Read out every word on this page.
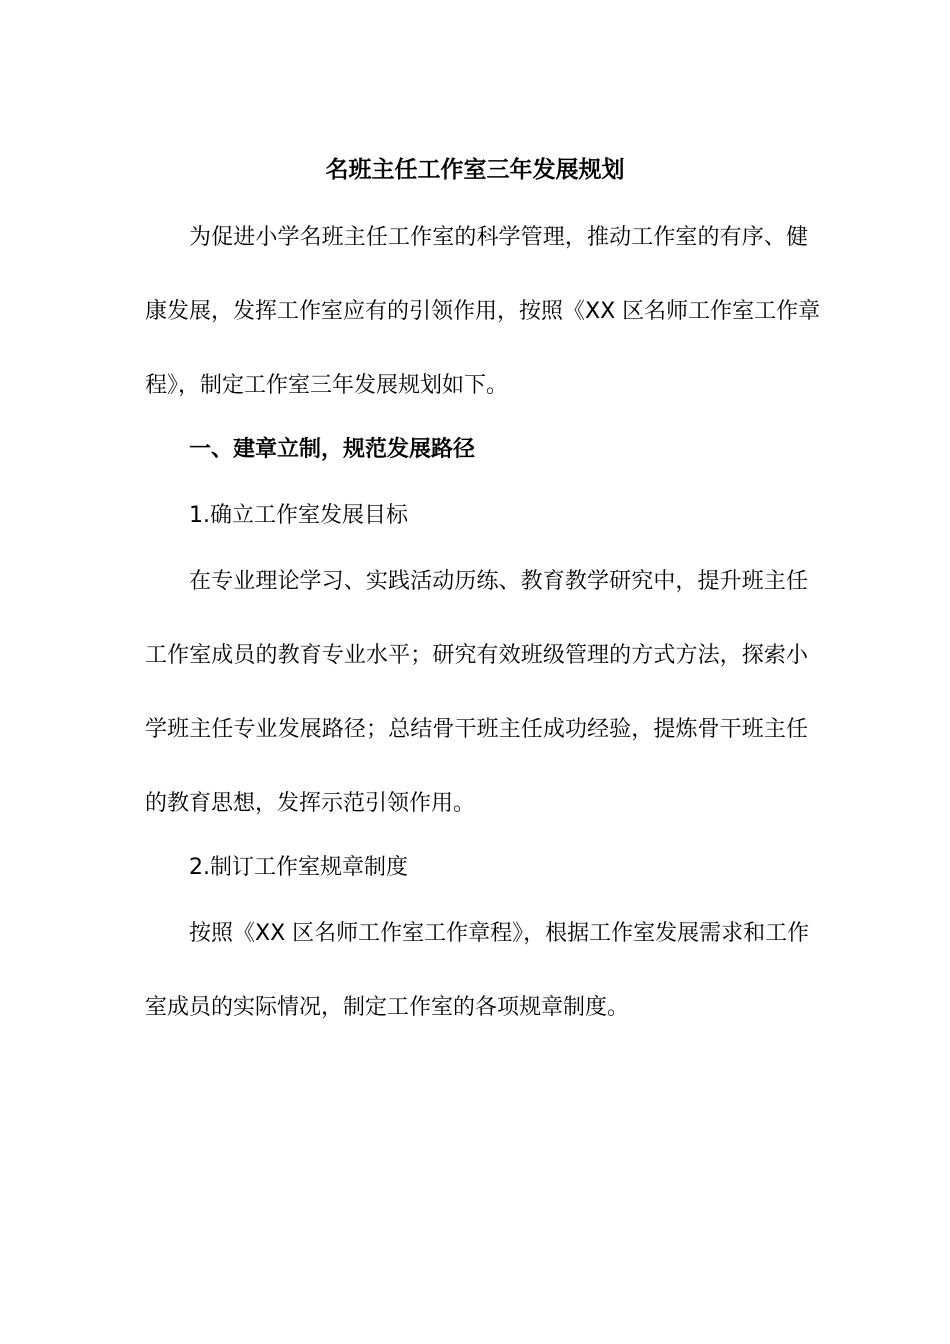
名班主任工作室三年发展规划
为促进小学名班主任工作室的科学管理，推动工作室的有序、健
康发展，发挥工作室应有的引领作用，按照《XX 区名师工作室工作章
程》，制定工作室三年发展规划如下。
一、建章立制，规范发展路径
1.确立工作室发展目标
在专业理论学习、实践活动历练、教育教学研究中，提升班主任
工作室成员的教育专业水平；研究有效班级管理的方式方法，探索小
学班主任专业发展路径；总结骨干班主任成功经验，提炼骨干班主任
的教育思想，发挥示范引领作用。
2.制订工作室规章制度
按照《XX 区名师工作室工作章程》，根据工作室发展需求和工作
室成员的实际情况，制定工作室的各项规章制度。
